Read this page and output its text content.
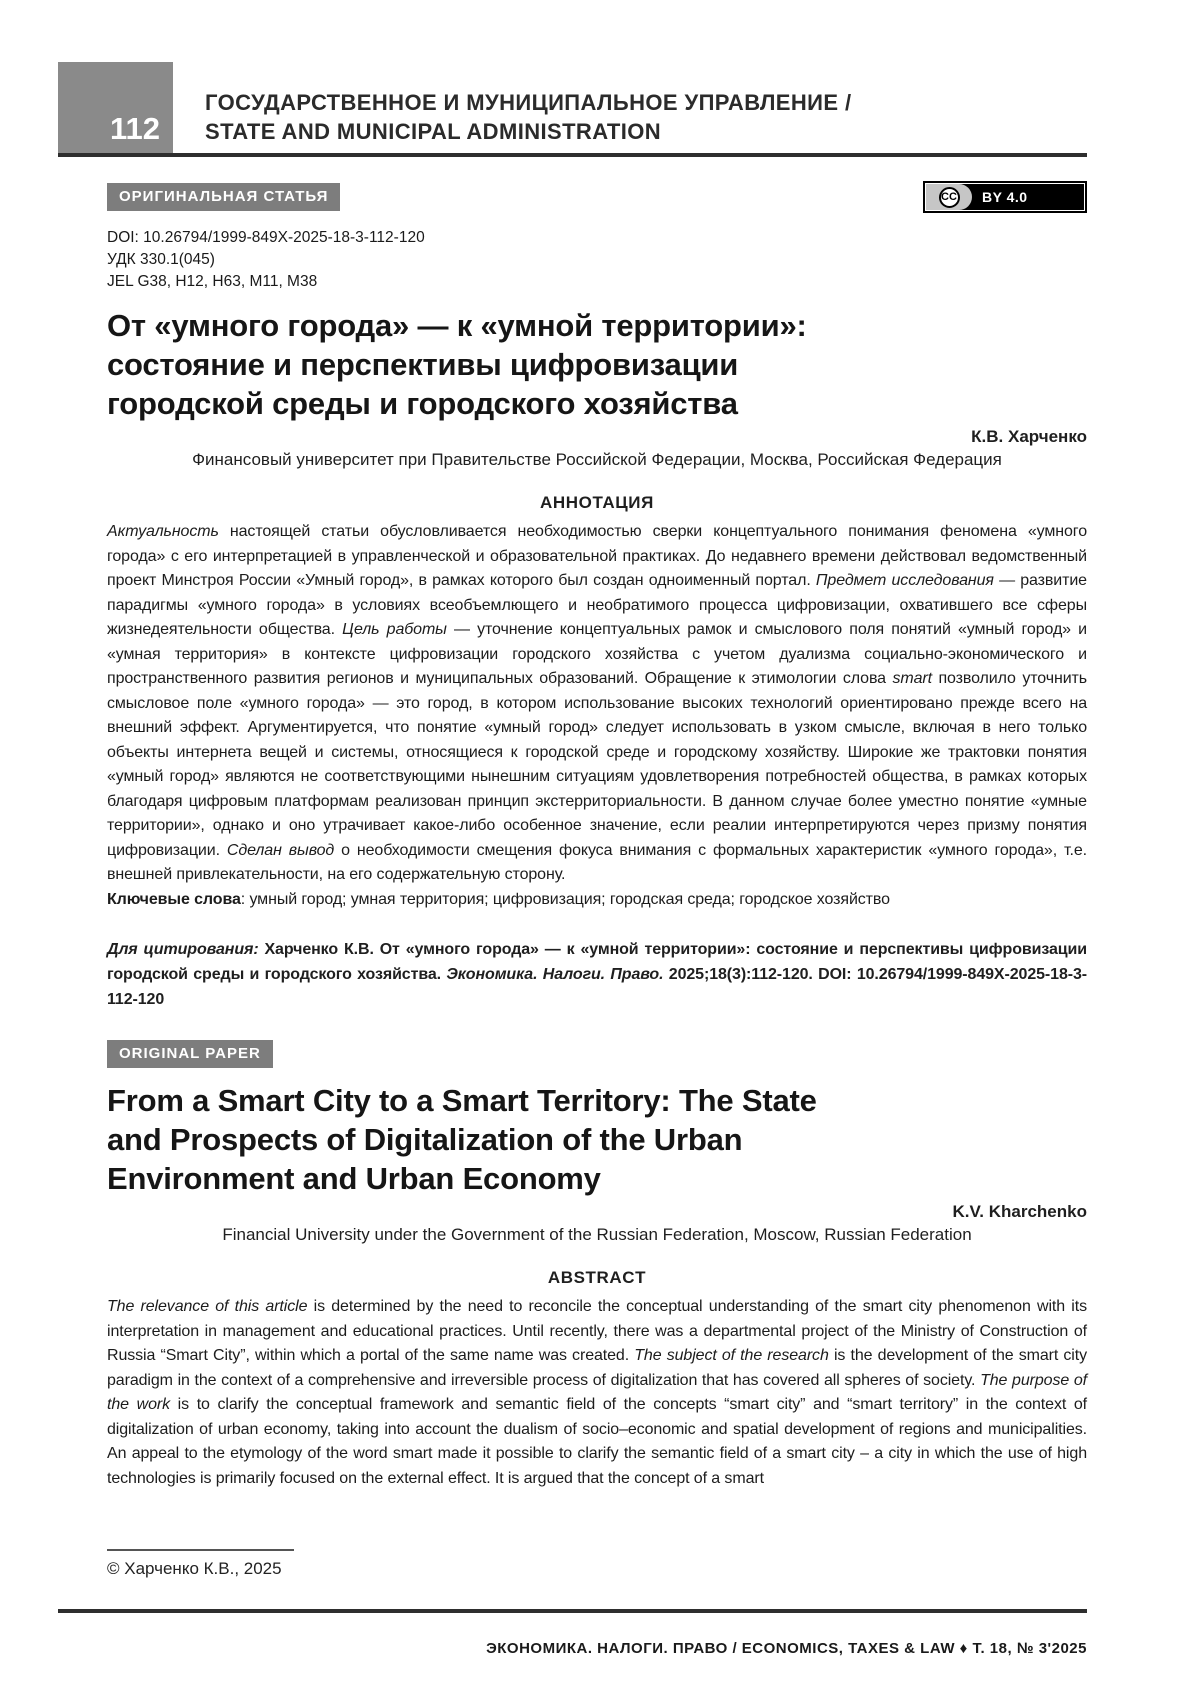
112
ГОСУДАРСТВЕННОЕ И МУНИЦИПАЛЬНОЕ УПРАВЛЕНИЕ /
STATE AND MUNICIPAL ADMINISTRATION
ОРИГИНАЛЬНАЯ СТАТЬЯ	CC	BY 4.0
DOI: 10.26794/1999-849X-2025-18-3-112-120
УДК 330.1(045)
JEL G38, H12, H63, M11, M38
От «умного города» — к «умной территории»:
состояние и перспективы цифровизации
городской среды и городского хозяйства
К.В. Харченко
Финансовый университет при Правительстве Российской Федерации, Москва, Российская Федерация
АННОТАЦИЯ
Актуальность настоящей статьи обусловливается необходимостью сверки концептуального понимания феномена «умного города» с его интерпретацией в управленческой и образовательной практиках. До недавнего времени действовал ведомственный проект Минстроя России «Умный город», в рамках которого был создан одноименный портал. Предмет исследования — развитие парадигмы «умного города» в условиях всеобъемлющего и необратимого процесса цифровизации, охватившего все сферы жизнедеятельности общества. Цель работы — уточнение концептуальных рамок и смыслового поля понятий «умный город» и «умная территория» в контексте цифровизации городского хозяйства с учетом дуализма социально-экономического и пространственного развития регионов и муниципальных образований. Обращение к этимологии слова smart позволило уточнить смысловое поле «умного города» — это город, в котором использование высоких технологий ориентировано прежде всего на внешний эффект. Аргументируется, что понятие «умный город» следует использовать в узком смысле, включая в него только объекты интернета вещей и системы, относящиеся к городской среде и городскому хозяйству. Широкие же трактовки понятия «умный город» являются не соответствующими нынешним ситуациям удовлетворения потребностей общества, в рамках которых благодаря цифровым платформам реализован принцип экстерриториальности. В данном случае более уместно понятие «умные территории», однако и оно утрачивает какое-либо особенное значение, если реалии интерпретируются через призму понятия цифровизации. Сделан вывод о необходимости смещения фокуса внимания с формальных характеристик «умного города», т.е. внешней привлекательности, на его содержательную сторону.
Ключевые слова: умный город; умная территория; цифровизация; городская среда; городское хозяйство
Для цитирования: Харченко К.В. От «умного города» — к «умной территории»: состояние и перспективы цифровизации городской среды и городского хозяйства. Экономика. Налоги. Право. 2025;18(3):112-120. DOI: 10.26794/1999-849X-2025-18-3-112-120
ORIGINAL PAPER
From a Smart City to a Smart Territory: The State
and Prospects of Digitalization of the Urban
Environment and Urban Economy
K.V. Kharchenko
Financial University under the Government of the Russian Federation, Moscow, Russian Federation
ABSTRACT
The relevance of this article is determined by the need to reconcile the conceptual understanding of the smart city phenomenon with its interpretation in management and educational practices. Until recently, there was a departmental project of the Ministry of Construction of Russia “Smart City”, within which a portal of the same name was created. The subject of the research is the development of the smart city paradigm in the context of a comprehensive and irreversible process of digitalization that has covered all spheres of society. The purpose of the work is to clarify the conceptual framework and semantic field of the concepts “smart city” and “smart territory” in the context of digitalization of urban economy, taking into account the dualism of socio–economic and spatial development of regions and municipalities. An appeal to the etymology of the word smart made it possible to clarify the semantic field of a smart city – a city in which the use of high technologies is primarily focused on the external effect. It is argued that the concept of a smart
© Харченко К.В., 2025
ЭКОНОМИКА. НАЛОГИ. ПРАВО / ECONOMICS, TAXES & LAW ♦ Т. 18, № 3'2025
